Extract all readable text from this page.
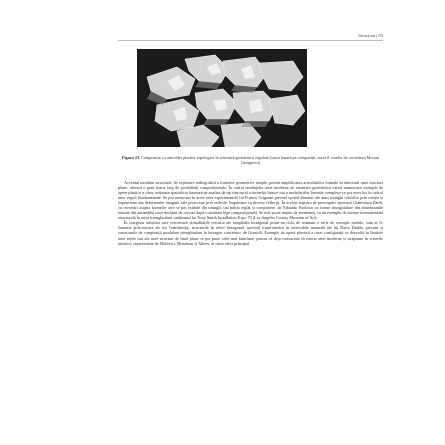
Structura | 83
Figura 23. Compoziție cu articolări plastice topologice în structură geometrică regulată (sursă bazată pe compoziții, sursă îl conduc de cercetarea Moraru Georgescu)

Accentul modului structural, de explorare radiografică a formelor geometrice simple, permit amplificarea articolațiilor formale în interiorul unei structuri plane, oferind o grad foarte larg de posibilități compoziționale. În cadrul tendințelor artei moderne de orientare geometrică există numeroase exemple de opere plastice a căror ordonare spațială se bazează pe analiza de tip structural a formelor bazice sau a modulațiilor formale complexe ce pot avea loc în cadrul unor reguli fundamentale. Se pot menționa în acest sens experimentele lui Francis Grignani privind spațiul dinamic ale unui triunghi celulelor prin rotație și expansiune sau deformările imaginii sale proiectate prin reflexie. Imprimate cu diverse reflecții. În același registru de preocupări operează Gianfranco Pardi, cu cercetări asupra formelor care se pot extinde din triunghi sau pătrat reglat și compunere, iar Eduardo Paolozzi cu forme triunghiulare din dimensiunile reunite din ansamblul unor mulțimi de cercuri după o anumită lege compozițională. Se mai poate aminti de asemenea, ca un exemplu de lucrare monumentală structurală în rețea triunghiulară, ambientul lui Tony Smith Installation Expo 70 (Los Angeles County Museum of Art).

În categoria artiștilor care cercetează virtualitățile cercului ale simplității hexagonal printr-un ciclu de reuniuni o serie de exemple mobile, cum ar fi: Jeanette policromice ale lui Tomshinsky, structurile în relief hexagonal, spectrul transformării în intervalele manuală ale lui Dario Dadda, precum și variațiunile de compoziții modulare triunghiulare în hexagon concentric de Grazioli. Exemple de operă plastică a cărei configurații se dezvoltă în limitele unei rețele sau ale unei structuri de bază plane se pot pune celei mai familiare, pentru că deja consacrate în istoria artei moderne și străpunse în scrierile artistice, reprezentate de Malevici, Mondrian și Albers, al căror efect principal.
